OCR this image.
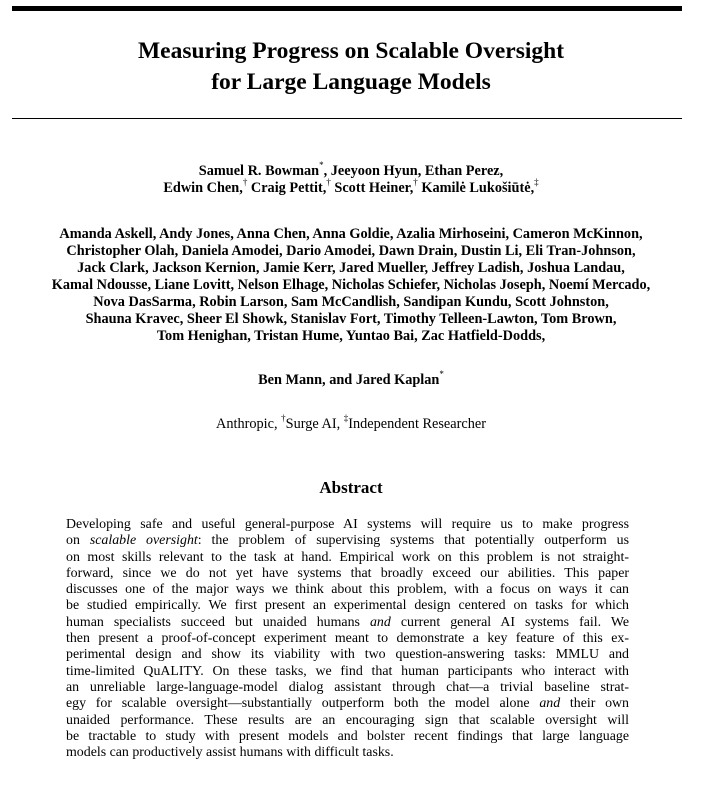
Measuring Progress on Scalable Oversight
for Large Language Models
Samuel R. Bowman*, Jeeyoon Hyun, Ethan Perez,
Edwin Chen,† Craig Pettit,† Scott Heiner,† Kamilė Lukošiūtė,‡
Amanda Askell, Andy Jones, Anna Chen, Anna Goldie, Azalia Mirhoseini, Cameron McKinnon,
Christopher Olah, Daniela Amodei, Dario Amodei, Dawn Drain, Dustin Li, Eli Tran-Johnson,
Jack Clark, Jackson Kernion, Jamie Kerr, Jared Mueller, Jeffrey Ladish, Joshua Landau,
Kamal Ndousse, Liane Lovitt, Nelson Elhage, Nicholas Schiefer, Nicholas Joseph, Noemí Mercado,
Nova DasSarma, Robin Larson, Sam McCandlish, Sandipan Kundu, Scott Johnston,
Shauna Kravec, Sheer El Showk, Stanislav Fort, Timothy Telleen-Lawton, Tom Brown,
Tom Henighan, Tristan Hume, Yuntao Bai, Zac Hatfield-Dodds,
Ben Mann, and Jared Kaplan*
Anthropic, †Surge AI, ‡Independent Researcher
Abstract
Developing safe and useful general-purpose AI systems will require us to make progress
on scalable oversight: the problem of supervising systems that potentially outperform us
on most skills relevant to the task at hand. Empirical work on this problem is not straight-
forward, since we do not yet have systems that broadly exceed our abilities. This paper
discusses one of the major ways we think about this problem, with a focus on ways it can
be studied empirically. We first present an experimental design centered on tasks for which
human specialists succeed but unaided humans and current general AI systems fail. We
then present a proof-of-concept experiment meant to demonstrate a key feature of this ex-
perimental design and show its viability with two question-answering tasks: MMLU and
time-limited QuALITY. On these tasks, we find that human participants who interact with
an unreliable large-language-model dialog assistant through chat—a trivial baseline strat-
egy for scalable oversight—substantially outperform both the model alone and their own
unaided performance. These results are an encouraging sign that scalable oversight will
be tractable to study with present models and bolster recent findings that large language
models can productively assist humans with difficult tasks.
